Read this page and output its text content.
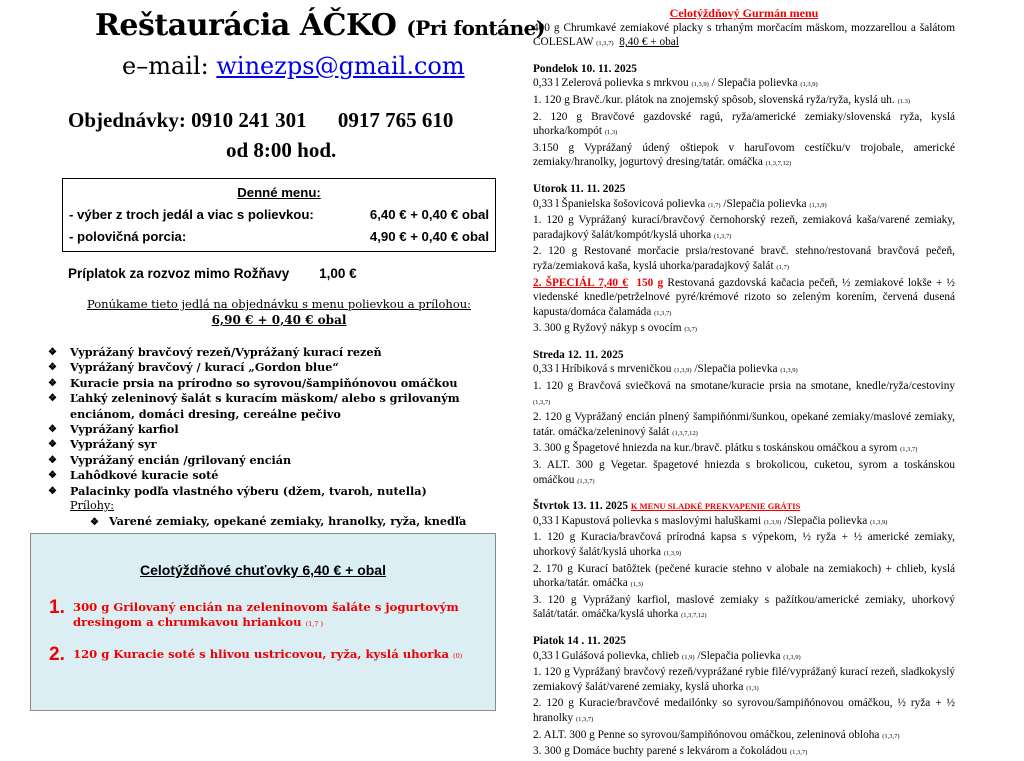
Reštaurácia ÁČKO (Pri fontáne)
e–mail: winezps@gmail.com
Objednávky: 0910 241 301 0917 765 610
od 8:00 hod.
Denné menu:
- výber z troch jedál a viac s polievkou:	6,40 € + 0,40 € obal
- polovičná porcia:	4,90 € + 0,40 € obal
Príplatok za rozvoz mimo Rožňavy 1,00 €
Ponúkame tieto jedlá na objednávku s menu polievkou a prílohou:
6,90 € + 0,40 € obal
❖ Vyprážaný bravčový rezeň/Vyprážaný kurací rezeň
❖ Vyprážaný bravčový / kurací „Gordon blue“
❖ Kuracie prsia na prírodno so syrovou/šampiňónovou omáčkou
❖ Ľahký zeleninový šalát s kuracím mäskom/ alebo s grilovaným enciánom, domáci dresing, cereálne pečivo
❖ Vyprážaný karfiol
❖ Vyprážaný syr
❖ Vyprážaný encián /grilovaný encián
❖ Lahôdkové kuracie soté
❖ Palacinky podľa vlastného výberu (džem, tvaroh, nutella)
Prílohy:
❖ Varené zemiaky, opekané zemiaky, hranolky, ryža, knedľa
Celotýždňové chuťovky 6,40 € + obal
1. 300 g Grilovaný encián na zeleninovom šaláte s jogurtovým dresingom a chrumkavou hriankou (1,7 )
2. 120 g Kuracie soté s hlivou ustricovou, ryža, kyslá uhorka (0)
Celotýždňový Gurmán menu

400 g Chrumkavé zemiakové placky s trhaným morčacím mäskom, mozzarellou a šalátom COLESLAW (1,3,7) 8,40 € + obal

Pondelok 10. 11. 2025

0,33 l Zelerová polievka s mrkvou (1,3,9) / Slepačia polievka (1,3,9)

1. 120 g Bravč./kur. plátok na znojemský spôsob, slovenská ryža/ryža, kyslá uh. (1.3)

2. 120 g Bravčové gazdovské ragú, ryža/americké zemiaky/slovenská ryža, kyslá uhorka/kompót (1,3)

3.150 g Vyprážaný údený oštiepok v haruľovom cestíčku/v trojobale, americké zemiaky/hranolky, jogurtový dresing/tatár. omáčka (1,3,7,12)

Utorok 11. 11. 2025

0,33 l Španielska šošovicová polievka (1,7) /Slepačia polievka (1,3,9)

1. 120 g Vyprážaný kurací/bravčový černohorský rezeň, zemiaková kaša/varené zemiaky, paradajkový šalát/kompót/kyslá uhorka (1,3,7)

2. 120 g Restované morčacie prsia/restované bravč. stehno/restovaná bravčová pečeň, ryža/zemiaková kaša, kyslá uhorka/paradajkový šalát (1,7)

2. ŠPECIÁL 7,40 € 150 g Restovaná gazdovská kačacia pečeň, ½ zemiakové lokše + ½ viedenské knedle/petrželnové pyré/krémové rizoto so zeleným korením, červená dusená kapusta/domáca čalamáda (1,3,7)

3. 300 g Ryžový nákyp s ovocím (3,7)

Streda 12. 11. 2025

0,33 l Hríbiková s mrveničkou (1,3,9) /Slepačia polievka (1,3,9)

1. 120 g Bravčová sviečková na smotane/kuracie prsia na smotane, knedle/ryža/cestoviny (1,3,7)

2. 120 g Vyprážaný encián plnený šampiňónmi/šunkou, opekané zemiaky/maslové zemiaky, tatár. omáčka/zeleninový šalát (1,3,7,12)

3. 300 g Špagetové hniezda na kur./bravč. plátku s toskánskou omáčkou a syrom (1,3,7)

3. ALT. 300 g Vegetar. špagetové hniezda s brokolicou, cuketou, syrom a toskánskou omáčkou (1,3,7)

Štvrtok 13. 11. 2025 K MENU SLADKÉ PREKVAPENIE GRÁTIS

0,33 l Kapustová polievka s maslovými haluškami (1,3,9) /Slepačia polievka (1,3,9)

1. 120 g Kuracia/bravčová prírodná kapsa s výpekom, ½ ryža + ½ americké zemiaky, uhorkový šalát/kyslá uhorka (1,3,9)

2. 170 g Kurací batôžtek (pečené kuracie stehno v alobale na zemiakoch) + chlieb, kyslá uhorka/tatár. omáčka (1,3)

3. 120 g Vyprážaný karfiol, maslové zemiaky s pažítkou/americké zemiaky, uhorkový šalát/tatár. omáčka/kyslá uhorka (1,3,7,12)

Piatok 14 . 11. 2025

0,33 l Gulášová polievka, chlieb (1,9) /Slepačia polievka (1,3,9)

1. 120 g Vyprážaný bravčový rezeň/vyprážané rybie filé/vyprážaný kurací rezeň, sladkokyslý zemiakový šalát/varené zemiaky, kyslá uhorka (1,3)

2. 120 g Kuracie/bravčové medailónky so syrovou/šampiňónovou omáčkou, ½ ryža + ½ hranolky (1,3,7)

2. ALT. 300 g Penne so syrovou/šampiňónovou omáčkou, zeleninová obloha (1,3,7)

3. 300 g Domáce buchty parené s lekvárom a čokoládou (1,3,7)
